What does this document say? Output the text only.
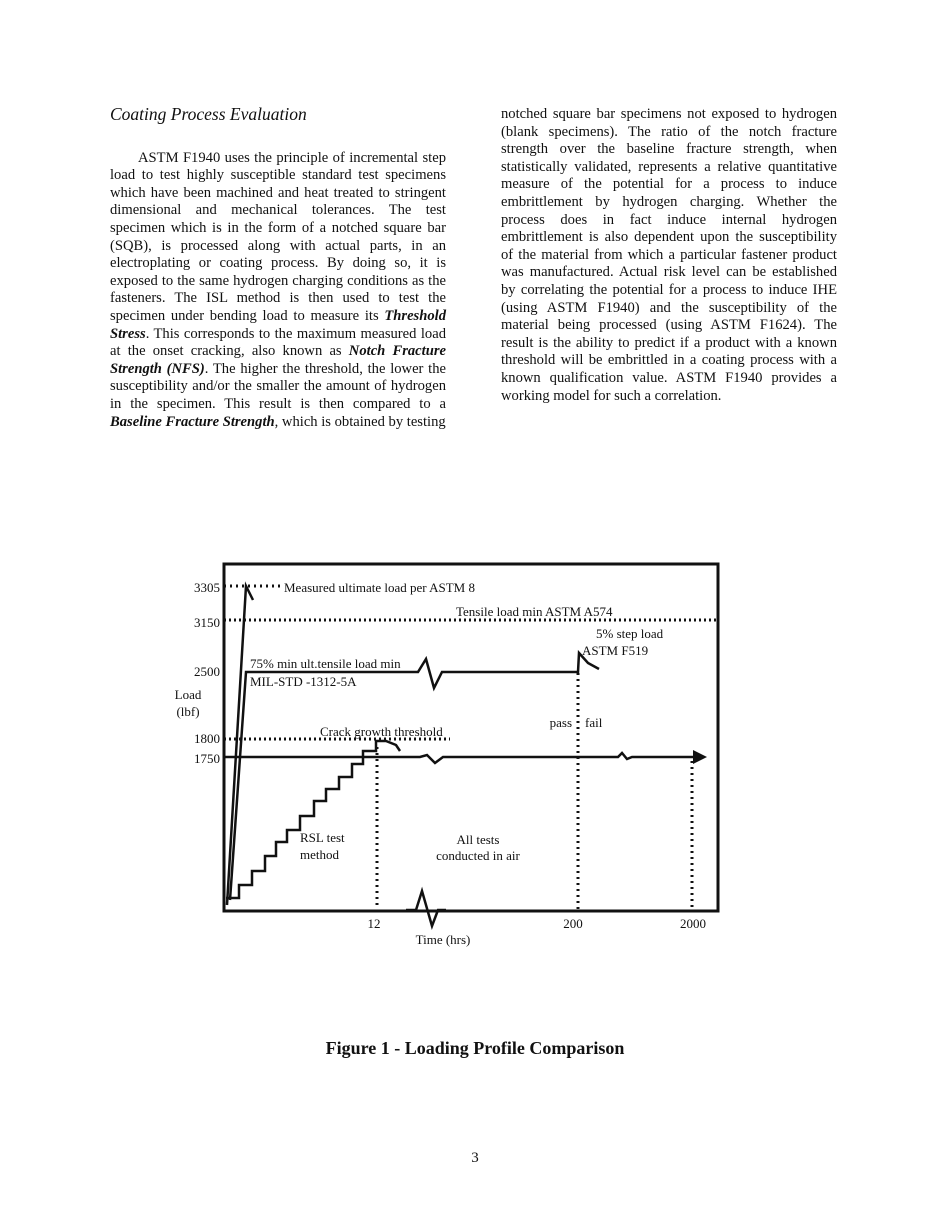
Coating Process Evaluation

ASTM F1940 uses the principle of incremental step load to test highly susceptible standard test specimens which have been machined and heat treated to stringent dimensional and mechanical tolerances. The test specimen which is in the form of a notched square bar (SQB), is processed along with actual parts, in an electroplating or coating process. By doing so, it is exposed to the same hydrogen charging conditions as the fasteners. The ISL method is then used to test the specimen under bending load to measure its Threshold Stress. This corresponds to the maximum measured load at the onset cracking, also known as Notch Fracture Strength (NFS). The higher the threshold, the lower the susceptibility and/or the smaller the amount of hydrogen in the specimen. This result is then compared to a Baseline Fracture Strength, which is obtained by testing

notched square bar specimens not exposed to hydrogen (blank specimens). The ratio of the notch fracture strength over the baseline fracture strength, when statistically validated, represents a relative quantitative measure of the potential for a process to induce embrittlement by hydrogen charging. Whether the process does in fact induce internal hydrogen embrittlement is also dependent upon the susceptibility of the material from which a particular fastener product was manufactured. Actual risk level can be established by correlating the potential for a process to induce IHE (using ASTM F1940) and the susceptibility of the material being processed (using ASTM F1624). The result is the ability to predict if a product with a known threshold will be embrittled in a coating process with a known qualification value. ASTM F1940 provides a working model for such a correlation.

3305
3150
2500
1800
1750
Load
(lbf)
Measured ultimate load per ASTM 8
Tensile load min ASTM A574
Crack growth threshold
75% min ult.tensile load min
MIL-STD -1312-5A
5% step load
ASTM F519
RSL test
method
pass fail
All tests
conducted in air
12	200	2000
Time (hrs)
Figure 1 - Loading Profile Comparison
3
